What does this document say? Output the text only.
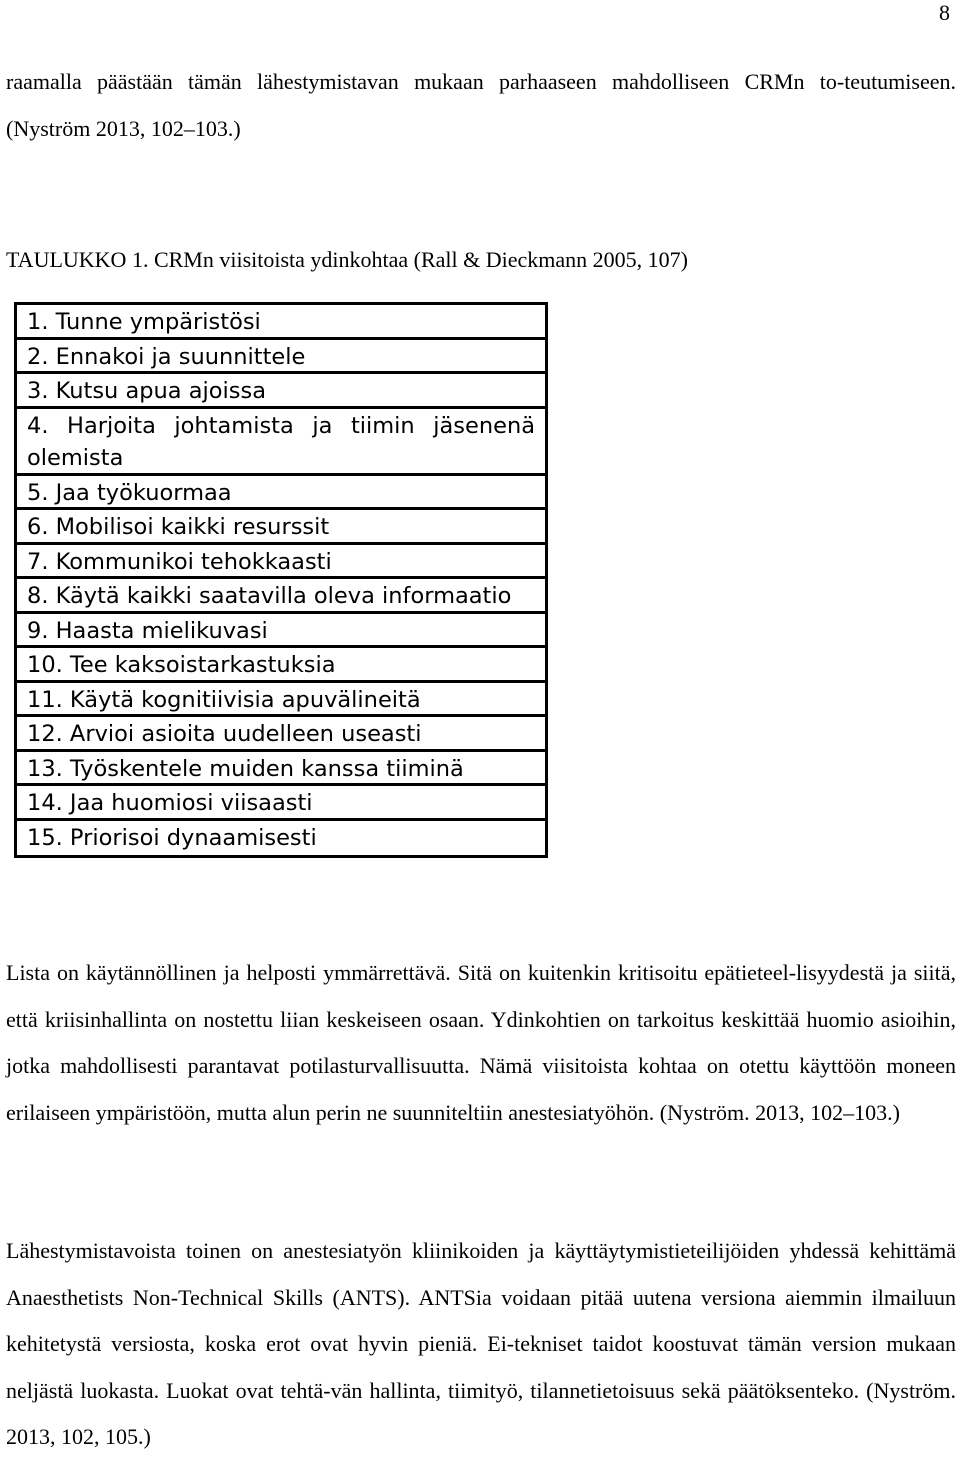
8

raamalla päästään tämän lähestymistavan mukaan parhaaseen mahdolliseen CRMn to-teutumiseen. (Nyström 2013, 102–103.)

TAULUKKO 1. CRMn viisitoista ydinkohtaa (Rall & Dieckmann 2005, 107)

1. Tunne ympäristösi
2. Ennakoi ja suunnittele
3. Kutsu apua ajoissa
4. Harjoita johtamista ja tiimin jäsenenä olemista
5. Jaa työkuormaa
6. Mobilisoi kaikki resurssit
7. Kommunikoi tehokkaasti
8. Käytä kaikki saatavilla oleva informaatio
9. Haasta mielikuvasi
10. Tee kaksoistarkastuksia
11. Käytä kognitiivisia apuvälineitä
12. Arvioi asioita uudelleen useasti
13. Työskentele muiden kanssa tiiminä
14. Jaa huomiosi viisaasti
15. Priorisoi dynaamisesti

Lista on käytännöllinen ja helposti ymmärrettävä. Sitä on kuitenkin kritisoitu epätieteel-lisyydestä ja siitä, että kriisinhallinta on nostettu liian keskeiseen osaan. Ydinkohtien on tarkoitus keskittää huomio asioihin, jotka mahdollisesti parantavat potilasturvallisuutta. Nämä viisitoista kohtaa on otettu käyttöön moneen erilaiseen ympäristöön, mutta alun perin ne suunniteltiin anestesiatyöhön. (Nyström. 2013, 102–103.)

Lähestymistavoista toinen on anestesiatyön kliinikoiden ja käyttäytymistieteilijöiden yhdessä kehittämä Anaesthetists Non-Technical Skills (ANTS). ANTSia voidaan pitää uutena versiona aiemmin ilmailuun kehitetystä versiosta, koska erot ovat hyvin pieniä. Ei-tekniset taidot koostuvat tämän version mukaan neljästä luokasta. Luokat ovat tehtä-vän hallinta, tiimityö, tilannetietoisuus sekä päätöksenteko. (Nyström. 2013, 102, 105.)
